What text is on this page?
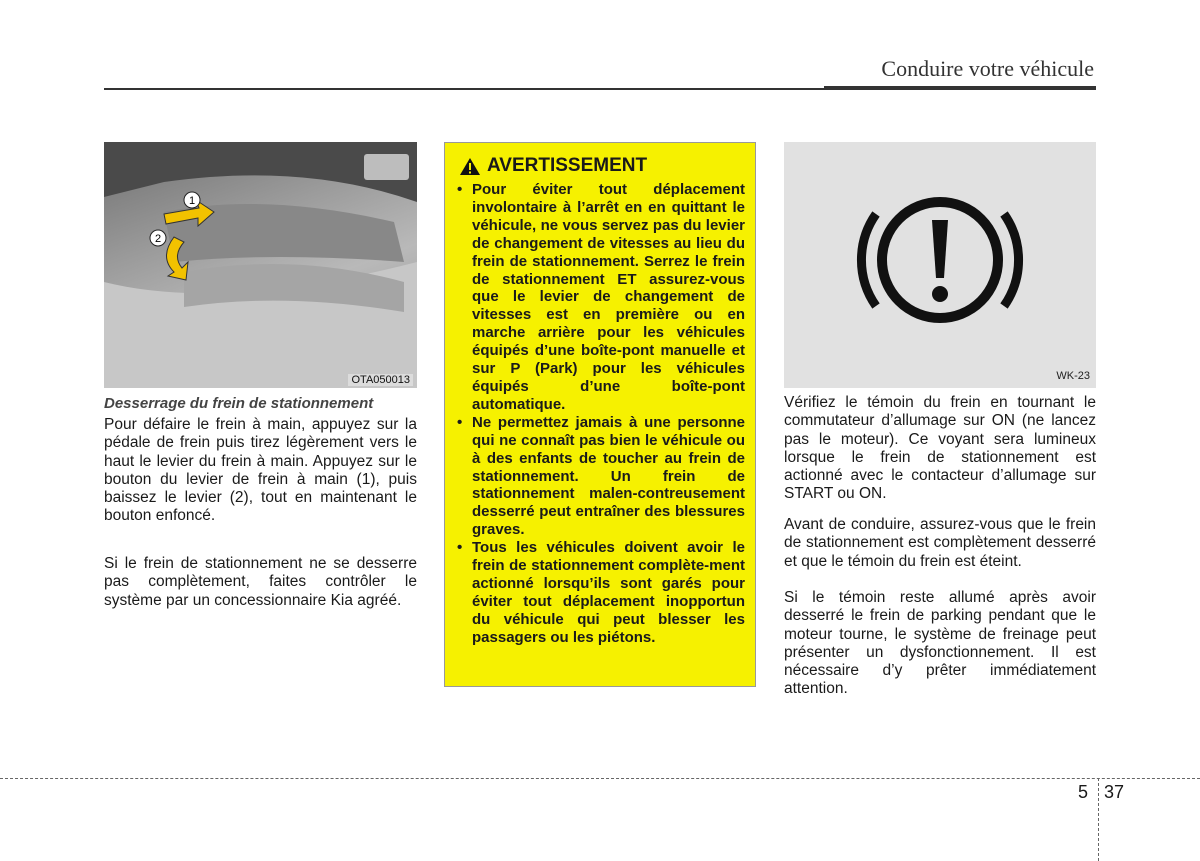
Conduire votre véhicule
1
2
OTA050013
Desserrage du frein de stationnement
Pour défaire le frein à main, appuyez sur la pédale de frein puis tirez légèrement vers le haut le levier du frein à main. Appuyez sur le bouton du levier de frein à main (1), puis baissez le levier (2), tout en maintenant le bouton enfoncé.
Si le frein de stationnement ne se desserre pas complètement, faites contrôler le système par un concessionnaire Kia agréé.
AVERTISSEMENT
• Pour éviter tout déplacement involontaire à l’arrêt en en quittant le véhicule, ne vous servez pas du levier de changement de vitesses au lieu du frein de stationnement. Serrez le frein de stationnement ET assurez-vous que le levier de changement de vitesses est en première ou en marche arrière pour les véhicules équipés d’une boîte-pont manuelle et sur P (Park) pour les véhicules équipés d’une boîte-pont automatique.
• Ne permettez jamais à une personne qui ne connaît pas bien le véhicule ou à des enfants de toucher au frein de stationnement. Un frein de stationnement malen-contreusement desserré peut entraîner des blessures graves.
• Tous les véhicules doivent avoir le frein de stationnement complète-ment actionné lorsqu’ils sont garés pour éviter tout déplacement inopportun du véhicule qui peut blesser les passagers ou les piétons.
WK-23
Vérifiez le témoin du frein en tournant le commutateur d’allumage sur ON (ne lancez pas le moteur). Ce voyant sera lumineux lorsque le frein de stationnement est actionné avec le contacteur d’allumage sur START ou ON.
Avant de conduire, assurez-vous que le frein de stationnement est complètement desserré et que le témoin du frein est éteint.
Si le témoin reste allumé après avoir desserré le frein de parking pendant que le moteur tourne, le système de freinage peut présenter un dysfonctionnement. Il est nécessaire d’y prêter immédiatement attention.
5 37
